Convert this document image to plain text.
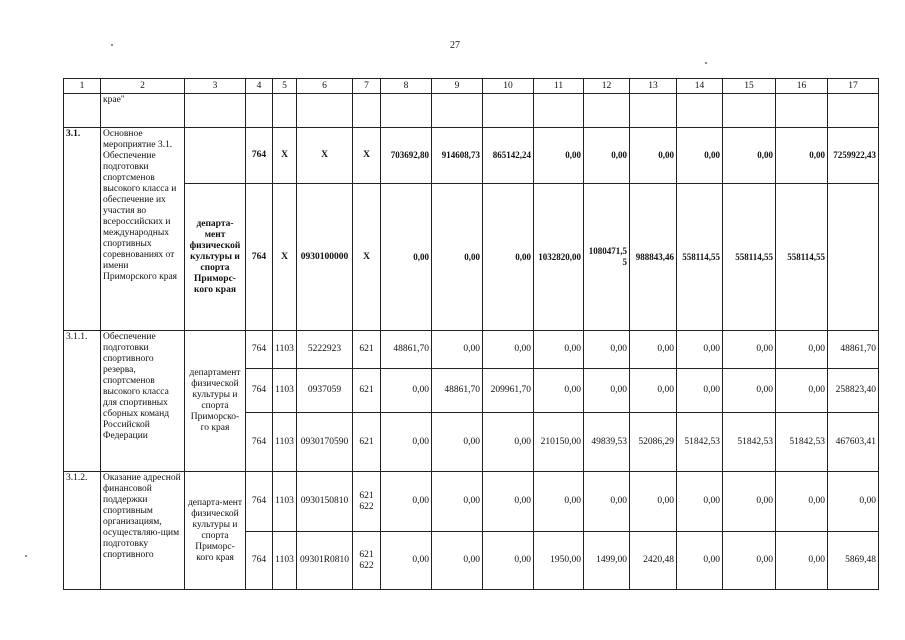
27
1	2	3	4	5	6	7	8	9	10	11	12	13	14	15	16	17
	крае"															
3.1.	Основное мероприятие 3.1. Обеспечение подготовки спортсменов высокого класса и обеспечение их участия во всероссийских и международных спортивных соревнованиях от имени Приморского края		764	Х	Х	Х	703692,80	914608,73	865142,24	0,00	0,00	0,00	0,00	0,00	0,00	7259922,43
		департа-мент физической культуры и спорта Приморс-кого края	764	Х	0930100000	Х	0,00	0,00	0,00	1032820,00	1080471,55	988843,46	558114,55	558114,55	558114,55	
3.1.1.	Обеспечение подготовки спортивного резерва, спортсменов высокого класса для спортивных сборных команд Российской Федерации	департамент физической культуры и спорта Приморско-го края	764	1103	5222923	621	48861,70	0,00	0,00	0,00	0,00	0,00	0,00	0,00	0,00	48861,70
			764	1103	0937059	621	0,00	48861,70	209961,70	0,00	0,00	0,00	0,00	0,00	0,00	258823,40
			764	1103	0930170590	621	0,00	0,00	0,00	210150,00	49839,53	52086,29	51842,53	51842,53	51842,53	467603,41
3.1.2.	Оказание адресной финансовой поддержки спортивным организациям, осуществляю-щим подготовку спортивного	департа-мент физической культуры и спорта Приморс-кого края	764	1103	0930150810	621 622	0,00	0,00	0,00	0,00	0,00	0,00	0,00	0,00	0,00	0,00
			764	1103	09301R0810	621 622	0,00	0,00	0,00	1950,00	1499,00	2420,48	0,00	0,00	0,00	5869,48
